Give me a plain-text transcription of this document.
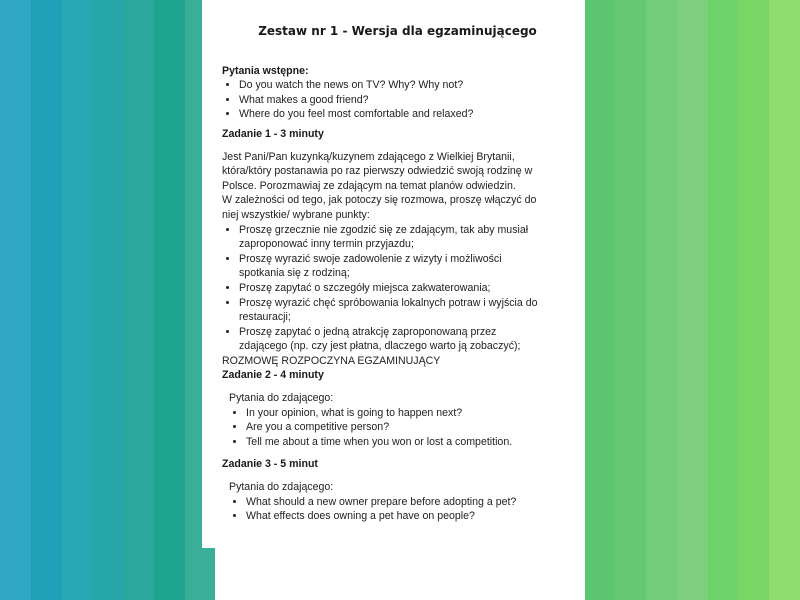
Zestaw nr 1 - Wersja dla egzaminującego
Pytania wstępne:
• Do you watch the news on TV? Why? Why not?
• What makes a good friend?
• Where do you feel most comfortable and relaxed?
Zadanie 1 - 3 minuty

Jest Pani/Pan kuzynką/kuzynem zdającego z Wielkiej Brytanii, która/który postanawia po raz pierwszy odwiedzić swoją rodzinę w Polsce. Porozmawiaj ze zdającym na temat planów odwiedzin.

W zależności od tego, jak potoczy się rozmowa, proszę włączyć do niej wszystkie/ wybrane punkty:

• Proszę grzecznie nie zgodzić się ze zdającym, tak aby musiał zaproponować inny termin przyjazdu;
• Proszę wyrazić swoje zadowolenie z wizyty i możliwości spotkania się z rodziną;
• Proszę zapytać o szczegóły miejsca zakwaterowania;
• Proszę wyrazić chęć spróbowania lokalnych potraw i wyjścia do restauracji;
• Proszę zapytać o jedną atrakcję zaproponowaną przez zdającego (np. czy jest płatna, dlaczego warto ją zobaczyć);

ROZMOWĘ ROZPOCZYNA EGZAMINUJĄCY

Zadanie 2 - 4 minuty

Pytania do zdającego:

• In your opinion, what is going to happen next?
• Are you a competitive person?
• Tell me about a time when you won or lost a competition.
Zadanie 3 - 5 minut

Pytania do zdającego:

• What should a new owner prepare before adopting a pet?
• What effects does owning a pet have on people?
